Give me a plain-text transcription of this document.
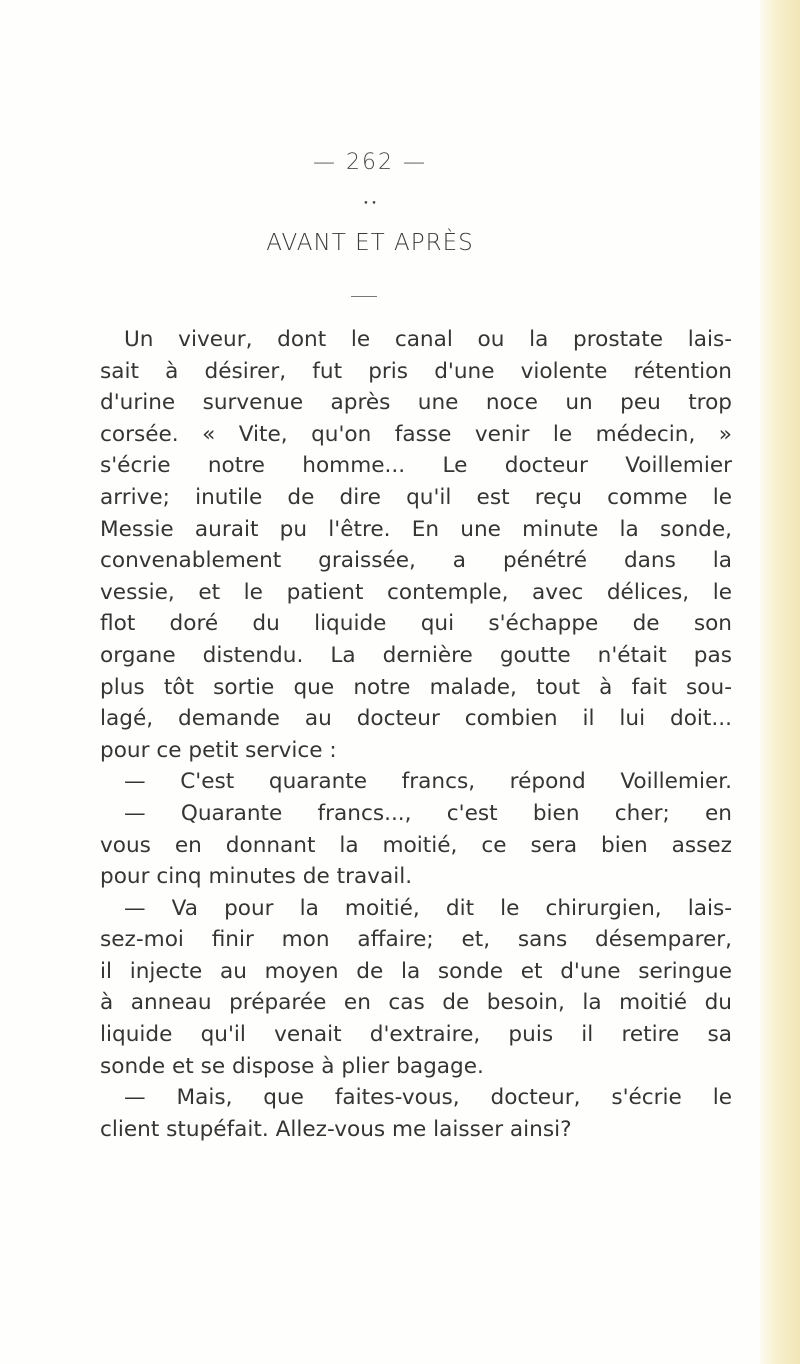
— 262 —
• •
AVANT ET APRÈS
Un viveur, dont le canal ou la prostate lais-
sait à désirer, fut pris d'une violente rétention
d'urine survenue après une noce un peu trop
corsée. « Vite, qu'on fasse venir le médecin, »
s'écrie notre homme... Le docteur Voillemier
arrive; inutile de dire qu'il est reçu comme le
Messie aurait pu l'être. En une minute la sonde,
convenablement graissée, a pénétré dans la
vessie, et le patient contemple, avec délices, le
flot doré du liquide qui s'échappe de son
organe distendu. La dernière goutte n'était pas
plus tôt sortie que notre malade, tout à fait sou-
lagé, demande au docteur combien il lui doit...
pour ce petit service :
— C'est quarante francs, répond Voillemier.
— Quarante francs..., c'est bien cher; en
vous en donnant la moitié, ce sera bien assez
pour cinq minutes de travail.
— Va pour la moitié, dit le chirurgien, lais-
sez-moi finir mon affaire; et, sans désemparer,
il injecte au moyen de la sonde et d'une seringue
à anneau préparée en cas de besoin, la moitié du
liquide qu'il venait d'extraire, puis il retire sa
sonde et se dispose à plier bagage.
— Mais, que faites-vous, docteur, s'écrie le
client stupéfait. Allez-vous me laisser ainsi?
